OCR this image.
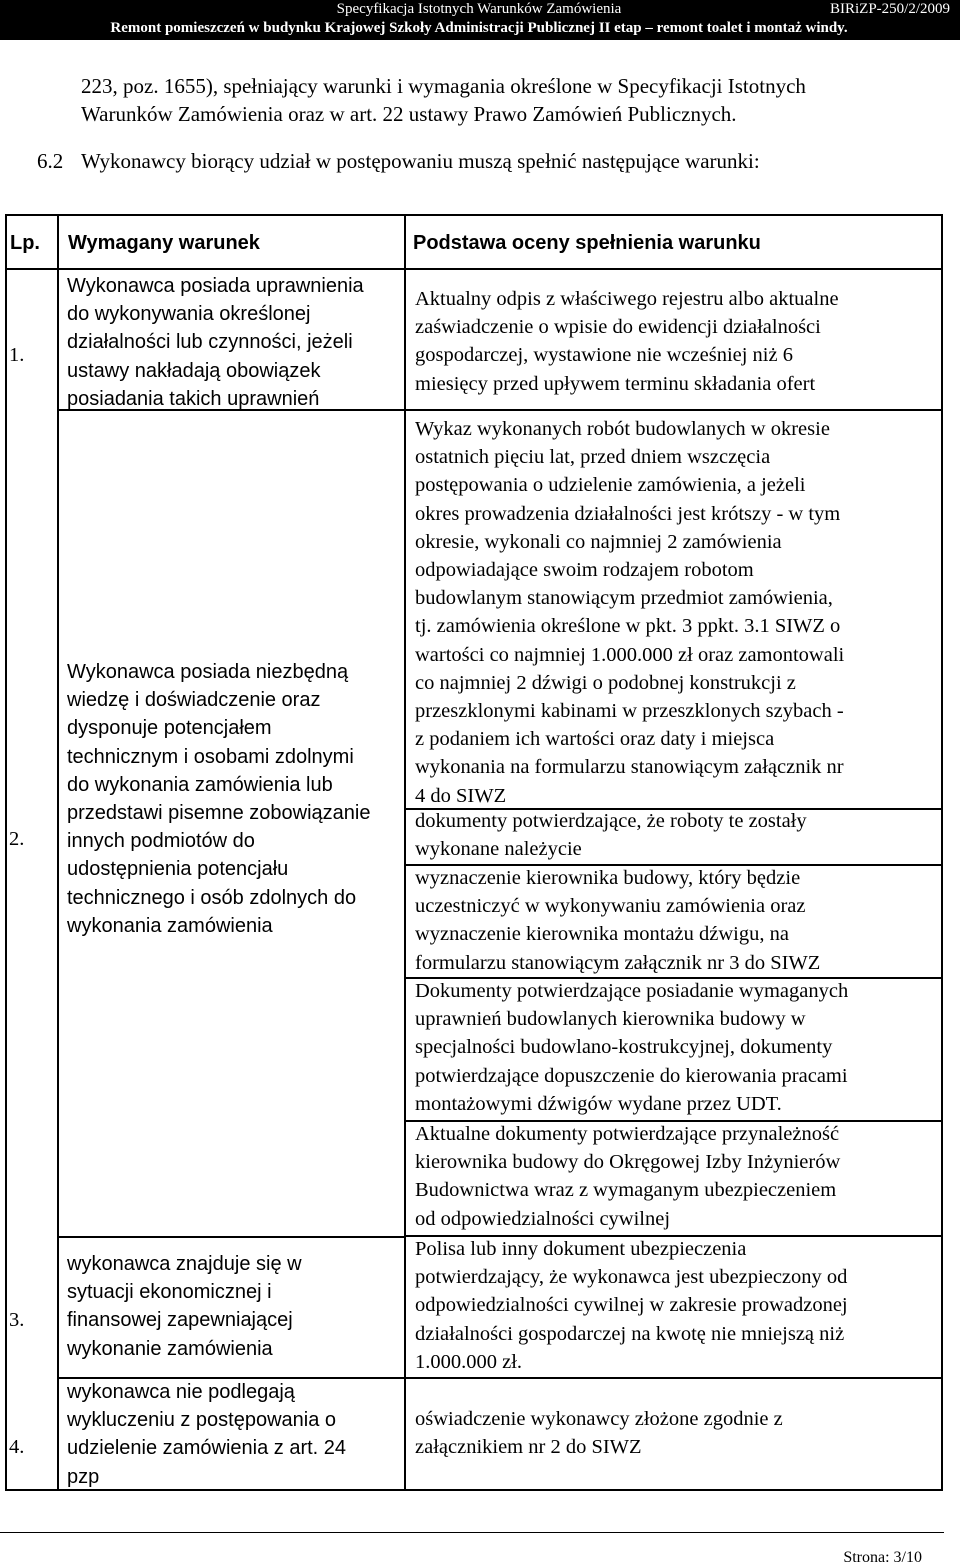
Specyfikacja Istotnych Warunków Zamówienia	BIRiZP-250/2/2009
Remont pomieszczeń w budynku Krajowej Szkoły Administracji Publicznej II etap – remont toalet i montaż windy.
223, poz. 1655), spełniający warunki i wymagania określone w Specyfikacji Istotnych
Warunków Zamówienia oraz w art. 22 ustawy Prawo Zamówień Publicznych.
6.2 Wykonawcy biorący udział w postępowaniu muszą spełnić następujące warunki:
Lp. Wymagany warunek	Podstawa oceny spełnienia warunku
1.
Wykonawca posiada uprawnienia
do wykonywania określonej
działalności lub czynności, jeżeli
ustawy nakładają obowiązek
posiadania takich uprawnień
Aktualny odpis z właściwego rejestru albo aktualne
zaświadczenie o wpisie do ewidencji działalności
gospodarczej, wystawione nie wcześniej niż 6
miesięcy przed upływem terminu składania ofert
2.
Wykonawca posiada niezbędną
wiedzę i doświadczenie oraz
dysponuje potencjałem
technicznym i osobami zdolnymi
do wykonania zamówienia lub
przedstawi pisemne zobowiązanie
innych podmiotów do
udostępnienia potencjału
technicznego i osób zdolnych do
wykonania zamówienia
Wykaz wykonanych robót budowlanych w okresie
ostatnich pięciu lat, przed dniem wszczęcia
postępowania o udzielenie zamówienia, a jeżeli
okres prowadzenia działalności jest krótszy - w tym
okresie, wykonali co najmniej 2 zamówienia
odpowiadające swoim rodzajem robotom
budowlanym stanowiącym przedmiot zamówienia,
tj. zamówienia określone w pkt. 3 ppkt. 3.1 SIWZ o
wartości co najmniej 1.000.000 zł oraz zamontowali
co najmniej 2 dźwigi o podobnej konstrukcji z
przeszklonymi kabinami w przeszklonych szybach -
z podaniem ich wartości oraz daty i miejsca
wykonania na formularzu stanowiącym załącznik nr
4 do SIWZ
dokumenty potwierdzające, że roboty te zostały
wykonane należycie
wyznaczenie kierownika budowy, który będzie
uczestniczyć w wykonywaniu zamówienia oraz
wyznaczenie kierownika montażu dźwigu, na
formularzu stanowiącym załącznik nr 3 do SIWZ
Dokumenty potwierdzające posiadanie wymaganych
uprawnień budowlanych kierownika budowy w
specjalności budowlano-kostrukcyjnej, dokumenty
potwierdzające dopuszczenie do kierowania pracami
montażowymi dźwigów wydane przez UDT.
Aktualne dokumenty potwierdzające przynależność
kierownika budowy do Okręgowej Izby Inżynierów
Budownictwa wraz z wymaganym ubezpieczeniem
od odpowiedzialności cywilnej
3.
wykonawca znajduje się w
sytuacji ekonomicznej i
finansowej zapewniającej
wykonanie zamówienia
Polisa lub inny dokument ubezpieczenia
potwierdzający, że wykonawca jest ubezpieczony od
odpowiedzialności cywilnej w zakresie prowadzonej
działalności gospodarczej na kwotę nie mniejszą niż
1.000.000 zł.
4.
wykonawca nie podlegają
wykluczeniu z postępowania o
udzielenie zamówienia z art. 24
pzp
oświadczenie wykonawcy złożone zgodnie z
załącznikiem nr 2 do SIWZ
Strona: 3/10
